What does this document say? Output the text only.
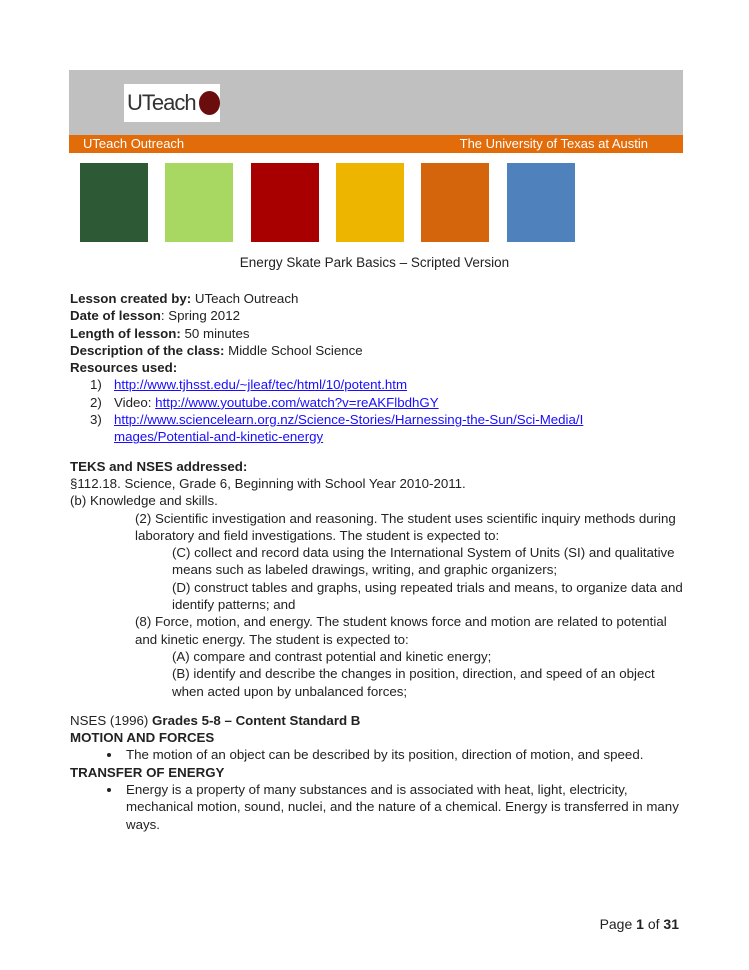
UTeach
UTeach Outreach	The University of Texas at Austin
Energy Skate Park Basics – Scripted Version

Lesson created by: UTeach Outreach

Date of lesson: Spring 2012

Length of lesson: 50 minutes

Description of the class: Middle School Science

Resources used:

1) http://www.tjhsst.edu/~jleaf/tec/html/10/potent.htm

2) Video: http://www.youtube.com/watch?v=reAKFlbdhGY

3) http://www.sciencelearn.org.nz/Science-Stories/Harnessing-the-Sun/Sci-Media/Images/Potential-and-kinetic-energy

TEKS and NSES addressed:

§112.18. Science, Grade 6, Beginning with School Year 2010-2011.

(b) Knowledge and skills.

(2) Scientific investigation and reasoning. The student uses scientific inquiry methods during laboratory and field investigations. The student is expected to:

(C) collect and record data using the International System of Units (SI) and qualitative means such as labeled drawings, writing, and graphic organizers;

(D) construct tables and graphs, using repeated trials and means, to organize data and identify patterns; and

(8) Force, motion, and energy. The student knows force and motion are related to potential and kinetic energy. The student is expected to:

(A) compare and contrast potential and kinetic energy;

(B) identify and describe the changes in position, direction, and speed of an object when acted upon by unbalanced forces;

NSES (1996) Grades 5-8 – Content Standard B

MOTION AND FORCES

• The motion of an object can be described by its position, direction of motion, and speed.

TRANSFER OF ENERGY

• Energy is a property of many substances and is associated with heat, light, electricity, mechanical motion, sound, nuclei, and the nature of a chemical. Energy is transferred in many ways.
Page 1 of 31
